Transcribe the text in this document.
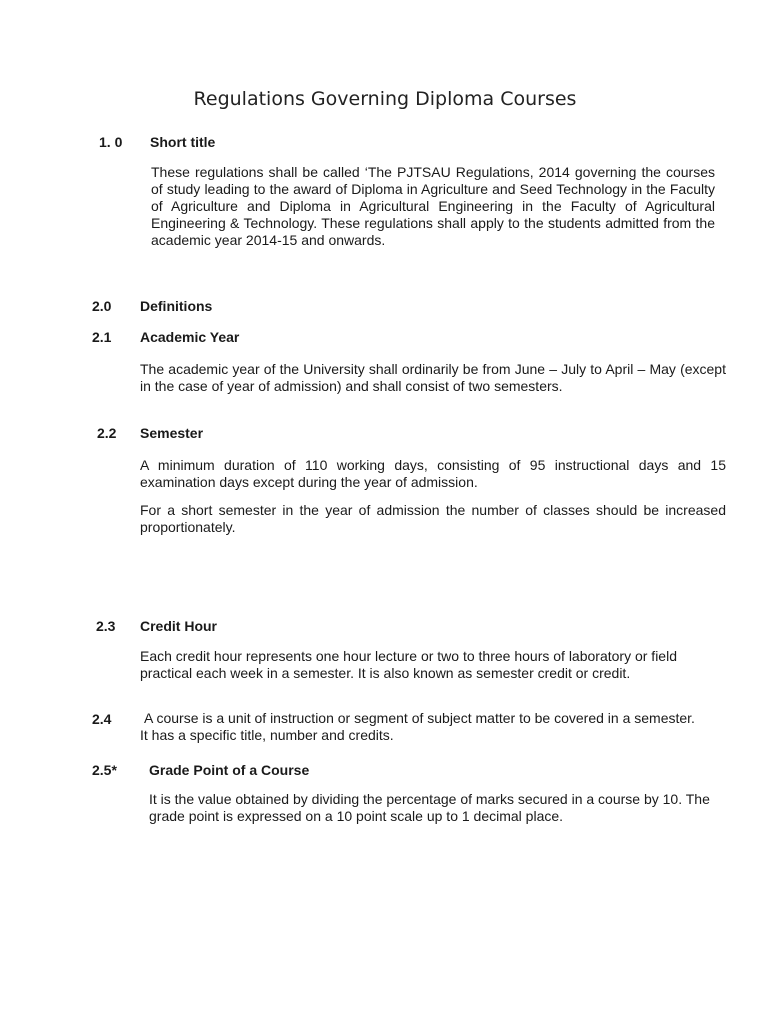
Regulations Governing Diploma Courses
1. 0 Short title
These regulations shall be called ‘The PJTSAU Regulations, 2014 governing the courses of study leading to the award of Diploma in Agriculture and Seed Technology in the Faculty of Agriculture and Diploma in Agricultural Engineering in the Faculty of Agricultural Engineering & Technology. These regulations shall apply to the students admitted from the academic year 2014-15 and onwards.
2.0 Definitions
2.1 Academic Year
The academic year of the University shall ordinarily be from June – July to April – May (except in the case of year of admission) and shall consist of two semesters.
2.2 Semester
A minimum duration of 110 working days, consisting of 95 instructional days and 15 examination days except during the year of admission.
For a short semester in the year of admission the number of classes should be increased proportionately.
2.3 Credit Hour
Each credit hour represents one hour lecture or two to three hours of laboratory or field practical each week in a semester. It is also known as semester credit or credit.
2.4 A course is a unit of instruction or segment of subject matter to be covered in a semester. It has a specific title, number and credits.
2.5* Grade Point of a Course
It is the value obtained by dividing the percentage of marks secured in a course by 10. The grade point is expressed on a 10 point scale up to 1 decimal place.
